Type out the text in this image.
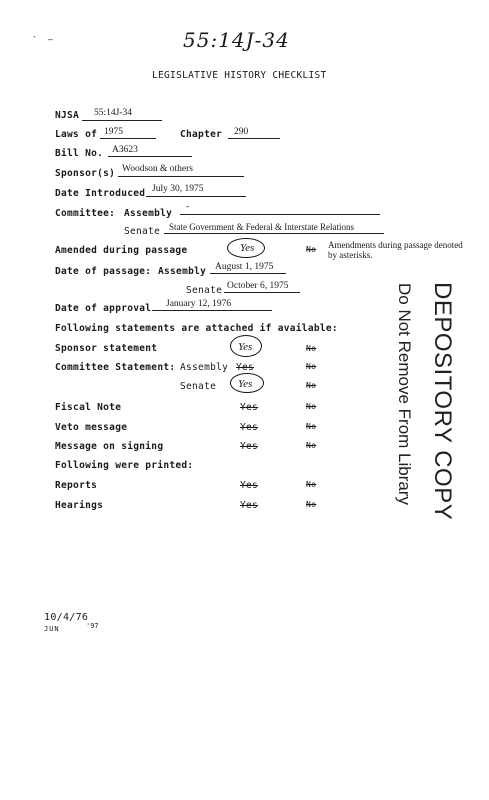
- –	55:14J-34
LEGISLATIVE HISTORY CHECKLIST
NJSA 55:14J-34
Laws of 1975	Chapter 290
Bill No. A3623
Sponsor(s) Woodson & others
Date Introduced July 30, 1975
Committee: Assembly
-
Senate State Government & Federal & Interstate Relations
Amended during passage	Yes	No Amendments during passage denoted by asterisks.
Date of passage: Assembly August 1, 1975
Senate October 6, 1975
Date of approval January 12, 1976
Following statements are attached if available:
Sponsor statement	Yes	No
Committee Statement: Assembly Yes	No
Senate Yes	No
Fiscal Note	Yes	No
Veto message	Yes	No
Message on signing	Yes	No
Following were printed:
Reports	Yes	No
Hearings	Yes	No	DEPOSITORY COPY
Do Not Remove From Library
10/4/76
JUN	'97
